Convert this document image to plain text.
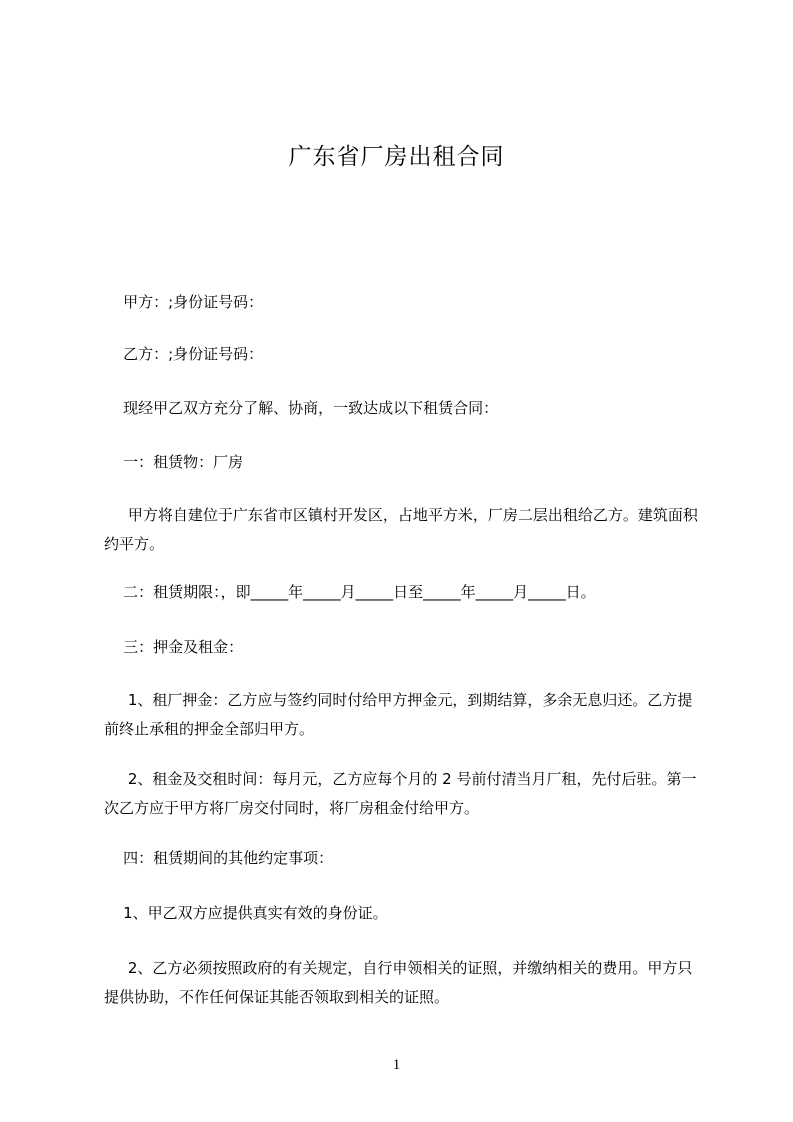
广东省厂房出租合同

甲方：;身份证号码：

乙方：;身份证号码：

现经甲乙双方充分了解、协商，一致达成以下租赁合同：

一：租赁物：厂房

甲方将自建位于广东省市区镇村开发区，占地平方米，厂房二层出租给乙方。建筑面积约平方。

二：租赁期限：，即_____年_____月_____日至_____年_____月_____日。

三：押金及租金：

1、租厂押金：乙方应与签约同时付给甲方押金元，到期结算，多余无息归还。乙方提前终止承租的押金全部归甲方。

2、租金及交租时间：每月元，乙方应每个月的 2 号前付清当月厂租，先付后驻。第一次乙方应于甲方将厂房交付同时，将厂房租金付给甲方。

四：租赁期间的其他约定事项：

1、甲乙双方应提供真实有效的身份证。

2、乙方必须按照政府的有关规定，自行申领相关的证照，并缴纳相关的费用。甲方只提供协助，不作任何保证其能否领取到相关的证照。

1
